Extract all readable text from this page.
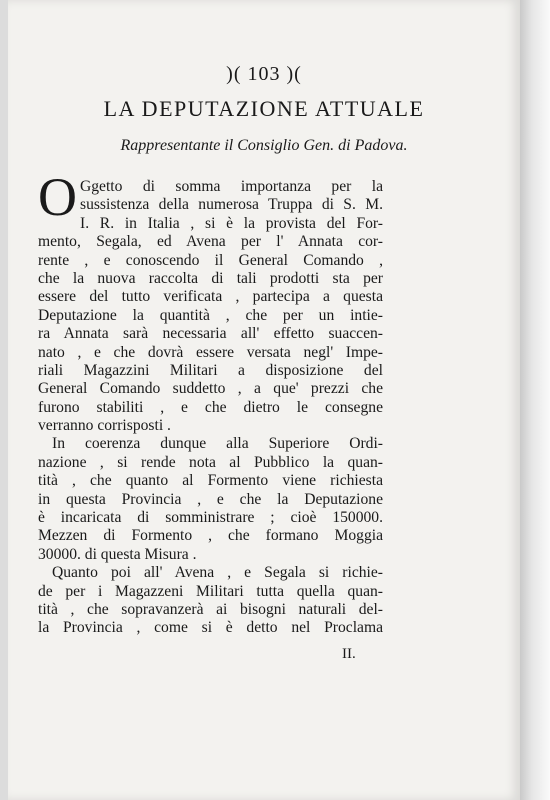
)( 103 )(
LA DEPUTAZIONE ATTUALE
Rappresentante il Consiglio Gen. di Padova.
O Ggetto di somma importanza per la
sussistenza della numerosa Truppa di S. M.
I. R. in Italia , si è la provista del For-
mento, Segala, ed Avena per l' Annata cor-
rente , e conoscendo il General Comando ,
che la nuova raccolta di tali prodotti sta per
essere del tutto verificata , partecipa a questa
Deputazione la quantità , che per un intie-
ra Annata sarà necessaria all' effetto suaccen-
nato , e che dovrà essere versata negl' Impe-
riali Magazzini Militari a disposizione del
General Comando suddetto , a que' prezzi che
furono stabiliti , e che dietro le consegne
verranno corrisposti .
In coerenza dunque alla Superiore Ordi-
nazione , si rende nota al Pubblico la quan-
tità , che quanto al Formento viene richiesta
in questa Provincia , e che la Deputazione
è incaricata di somministrare ; cioè 150000.
Mezzen di Formento , che formano Moggia
30000. di questa Misura .
Quanto poi all' Avena , e Segala si richie-
de per i Magazzeni Militari tutta quella quan-
tità , che sopravanzerà ai bisogni naturali del-
la Provincia , come si è detto nel Proclama
II.
